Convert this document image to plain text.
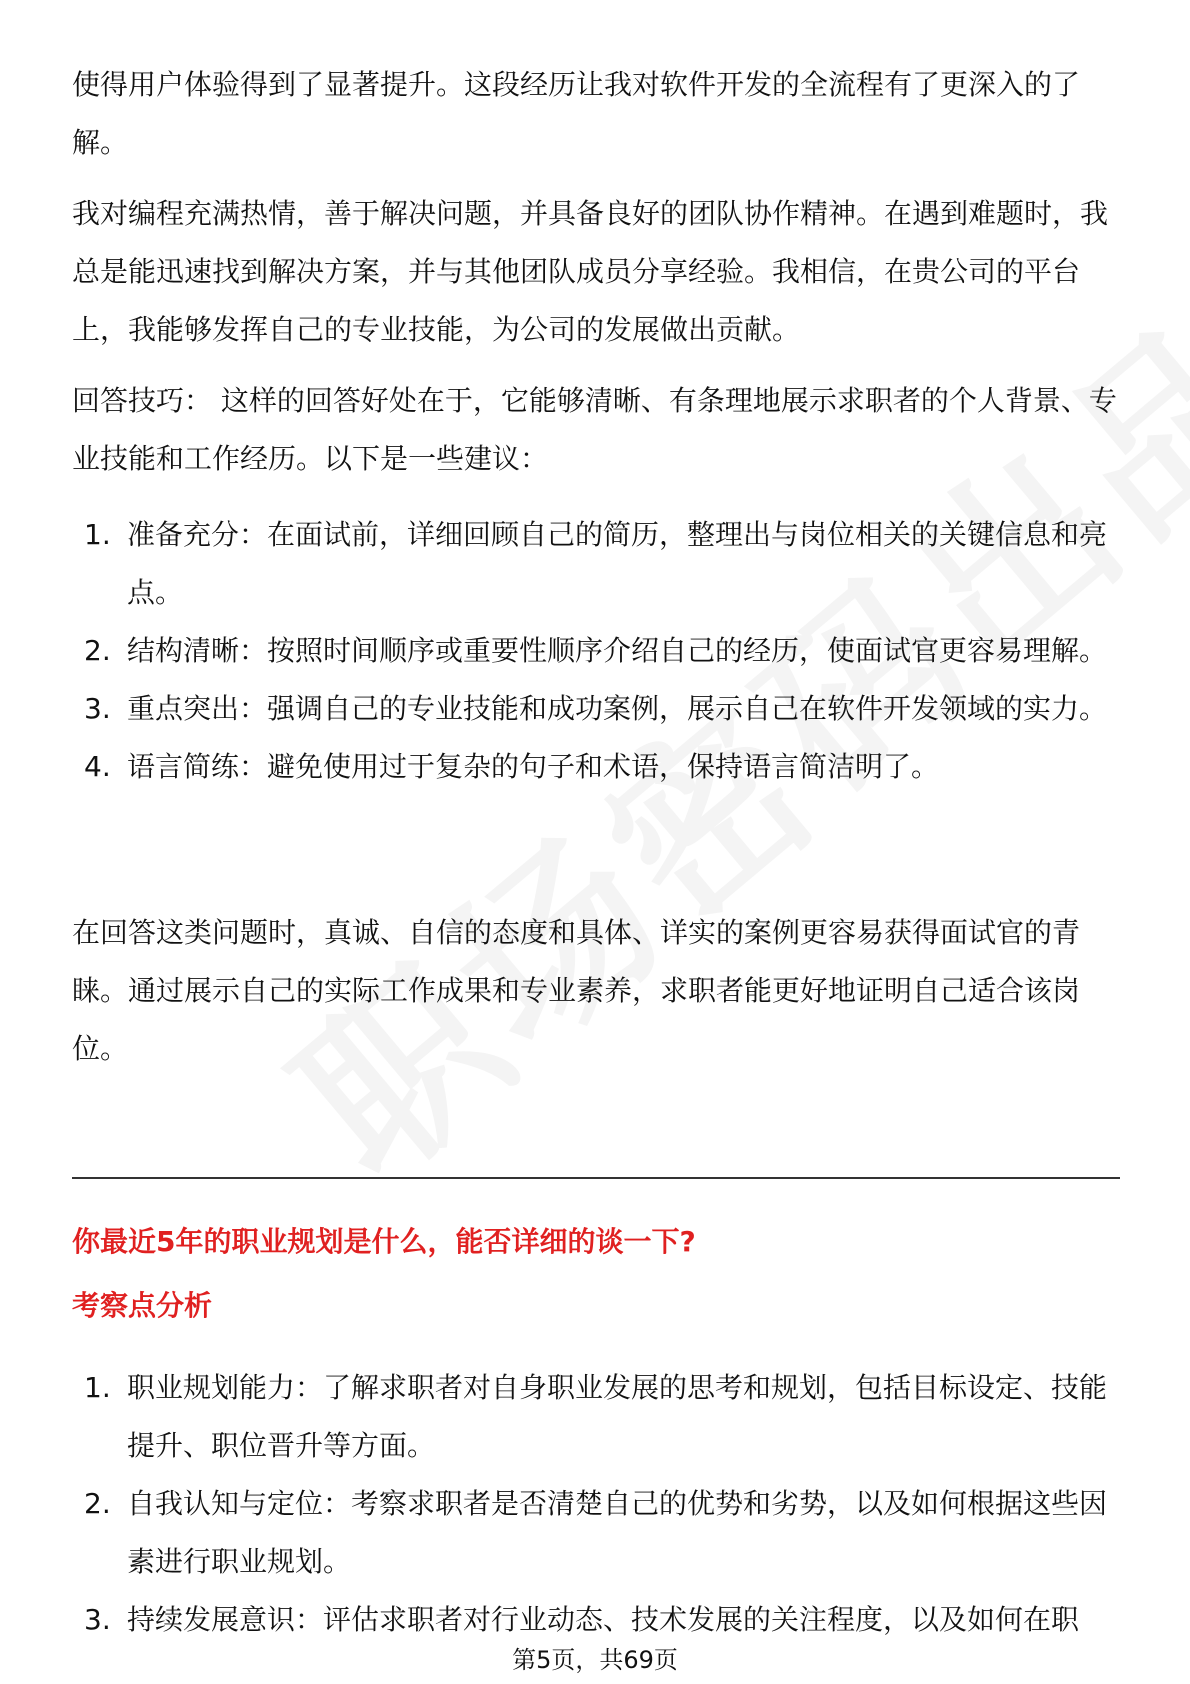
使得用户体验得到了显著提升。这段经历让我对软件开发的全流程有了更深入的了解。

我对编程充满热情，善于解决问题，并具备良好的团队协作精神。在遇到难题时，我总是能迅速找到解决方案，并与其他团队成员分享经验。我相信，在贵公司的平台上，我能够发挥自己的专业技能，为公司的发展做出贡献。

回答技巧： 这样的回答好处在于，它能够清晰、有条理地展示求职者的个人背景、专业技能和工作经历。以下是一些建议：

1. 准备充分：在面试前，详细回顾自己的简历，整理出与岗位相关的关键信息和亮点。
2. 结构清晰：按照时间顺序或重要性顺序介绍自己的经历，使面试官更容易理解。
3. 重点突出：强调自己的专业技能和成功案例，展示自己在软件开发领域的实力。
4. 语言简练：避免使用过于复杂的句子和术语，保持语言简洁明了。

在回答这类问题时，真诚、自信的态度和具体、详实的案例更容易获得面试官的青睐。通过展示自己的实际工作成果和专业素养，求职者能更好地证明自己适合该岗位。

你最近5年的职业规划是什么，能否详细的谈一下?
考察点分析
1. 职业规划能力：了解求职者对自身职业发展的思考和规划，包括目标设定、技能提升、职位晋升等方面。
2. 自我认知与定位：考察求职者是否清楚自己的优势和劣势，以及如何根据这些因素进行职业规划。
3. 持续发展意识：评估求职者对行业动态、技术发展的关注程度，以及如何在职
第5页，共69页
